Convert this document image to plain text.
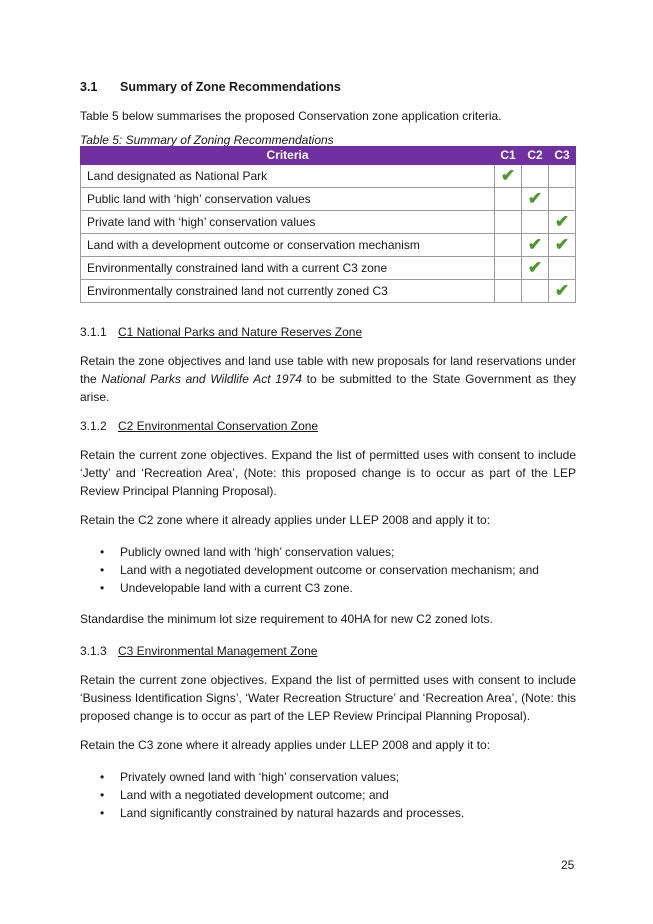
3.1 Summary of Zone Recommendations
Table 5 below summarises the proposed Conservation zone application criteria.
Table 5: Summary of Zoning Recommendations
Criteria	C1	C2	C3
Land designated as National Park	✔		
Public land with ‘high’ conservation values		✔	
Private land with ‘high’ conservation values			✔
Land with a development outcome or conservation mechanism		✔	✔
Environmentally constrained land with a current C3 zone		✔	
Environmentally constrained land not currently zoned C3			✔
3.1.1 C1 National Parks and Nature Reserves Zone
Retain the zone objectives and land use table with new proposals for land reservations under the National Parks and Wildlife Act 1974 to be submitted to the State Government as they arise.
3.1.2 C2 Environmental Conservation Zone
Retain the current zone objectives. Expand the list of permitted uses with consent to include ‘Jetty’ and ‘Recreation Area’, (Note: this proposed change is to occur as part of the LEP Review Principal Planning Proposal).
Retain the C2 zone where it already applies under LLEP 2008 and apply it to:
• Publicly owned land with ‘high’ conservation values;
• Land with a negotiated development outcome or conservation mechanism; and
• Undevelopable land with a current C3 zone.
Standardise the minimum lot size requirement to 40HA for new C2 zoned lots.
3.1.3 C3 Environmental Management Zone
Retain the current zone objectives. Expand the list of permitted uses with consent to include ‘Business Identification Signs’, ‘Water Recreation Structure’ and ‘Recreation Area’, (Note: this proposed change is to occur as part of the LEP Review Principal Planning Proposal).
Retain the C3 zone where it already applies under LLEP 2008 and apply it to:
• Privately owned land with ‘high’ conservation values;
• Land with a negotiated development outcome; and
• Land significantly constrained by natural hazards and processes.
25
